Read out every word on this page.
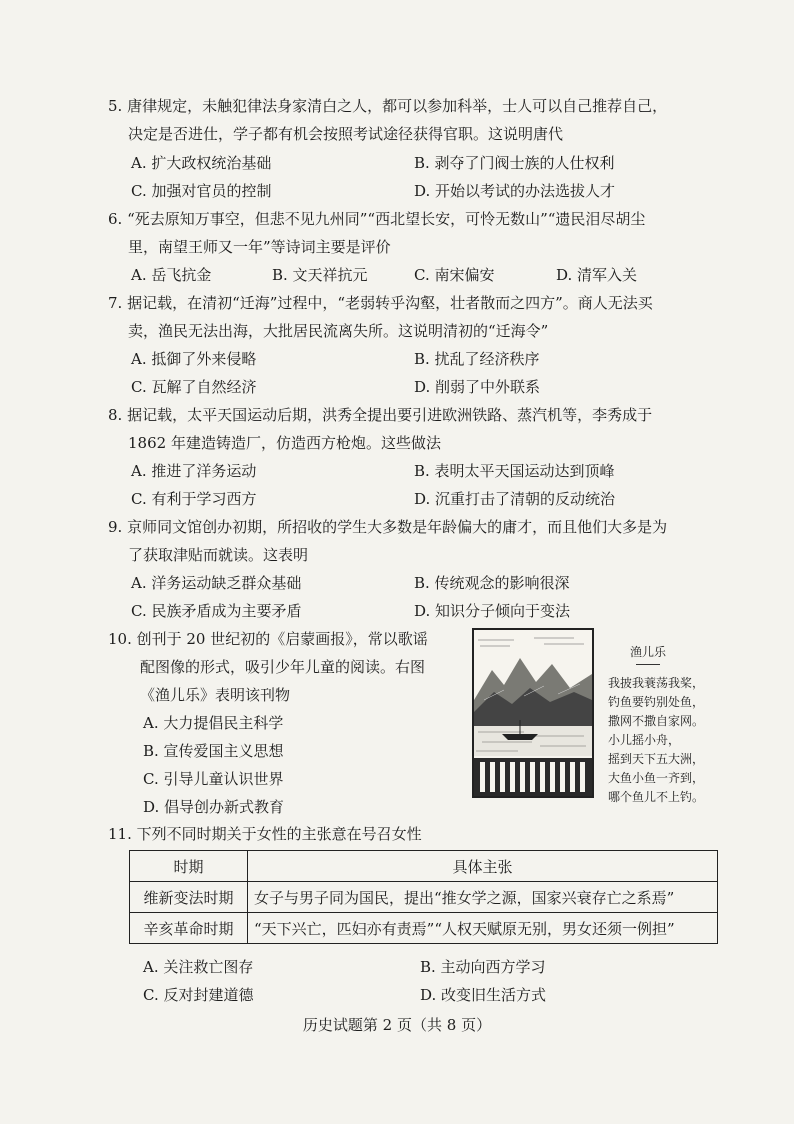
5. 唐律规定，未触犯律法身家清白之人，都可以参加科举，士人可以自己推荐自己，
决定是否进仕，学子都有机会按照考试途径获得官职。这说明唐代
A. 扩大政权统治基础	B. 剥夺了门阀士族的人仕权利
C. 加强对官员的控制	D. 开始以考试的办法选拔人才
6. “死去原知万事空，但悲不见九州同”“西北望长安，可怜无数山”“遗民泪尽胡尘
里，南望王师又一年”等诗词主要是评价
A. 岳飞抗金	B. 文天祥抗元	C. 南宋偏安	D. 清军入关
7. 据记载，在清初“迁海”过程中，“老弱转乎沟壑，壮者散而之四方”。商人无法买
卖，渔民无法出海，大批居民流离失所。这说明清初的“迁海令”
A. 抵御了外来侵略	B. 扰乱了经济秩序
C. 瓦解了自然经济	D. 削弱了中外联系
8. 据记载，太平天国运动后期，洪秀全提出要引进欧洲铁路、蒸汽机等，李秀成于
1862 年建造铸造厂，仿造西方枪炮。这些做法
A. 推进了洋务运动	B. 表明太平天国运动达到顶峰
C. 有利于学习西方	D. 沉重打击了清朝的反动统治
9. 京师同文馆创办初期，所招收的学生大多数是年龄偏大的庸才，而且他们大多是为
了获取津贴而就读。这表明
A. 洋务运动缺乏群众基础	B. 传统观念的影响很深
C. 民族矛盾成为主要矛盾	D. 知识分子倾向于变法
10. 创刊于 20 世纪初的《启蒙画报》，常以歌谣
配图像的形式，吸引少年儿童的阅读。右图
《渔儿乐》表明该刊物
A. 大力提倡民主科学
B. 宣传爱国主义思想
C. 引导儿童认识世界
D. 倡导创办新式教育
渔儿乐
我披我蓑荡我桨，
钓鱼要钓别处鱼，
撒网不撒自家网。
小儿摇小舟，
摇到天下五大洲，
大鱼小鱼一齐到，
哪个鱼儿不上钓。
11. 下列不同时期关于女性的主张意在号召女性
时期	具体主张
维新变法时期	女子与男子同为国民，提出“推女学之源，国家兴衰存亡之系焉”
辛亥革命时期	“天下兴亡，匹妇亦有责焉”“人权天赋原无别，男女还须一例担”
A. 关注救亡图存	B. 主动向西方学习
C. 反对封建道德	D. 改变旧生活方式
历史试题第 2 页（共 8 页）
